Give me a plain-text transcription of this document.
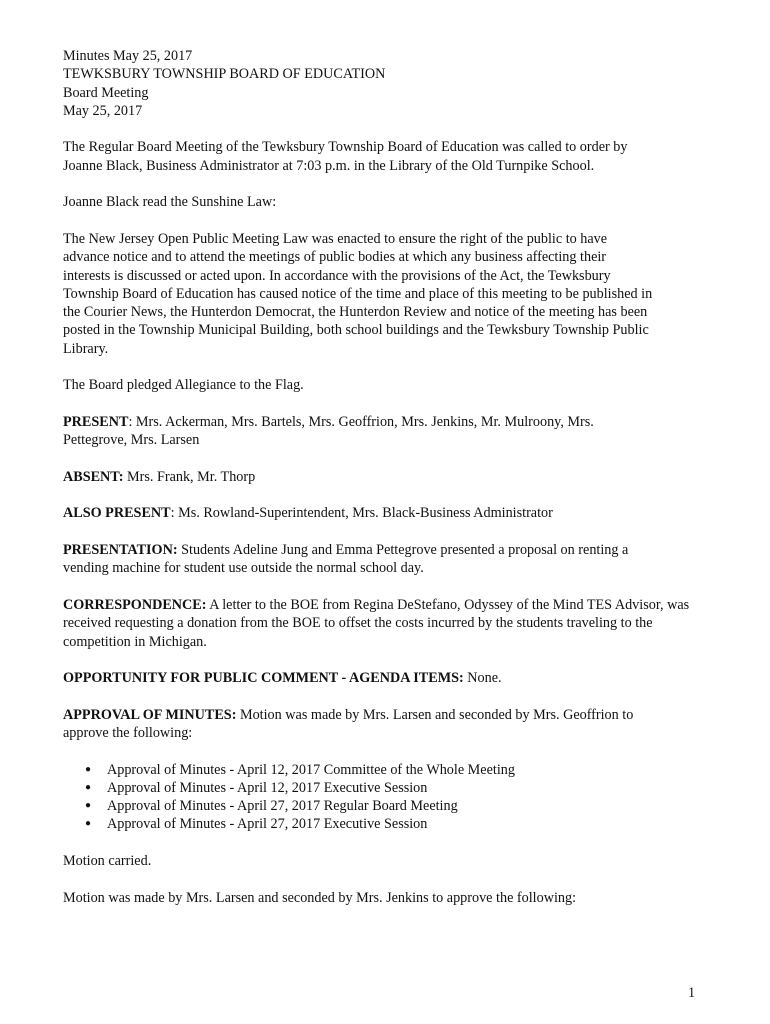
Minutes May 25, 2017
TEWKSBURY TOWNSHIP BOARD OF EDUCATION
Board Meeting
May 25, 2017
The Regular Board Meeting of the Tewksbury Township Board of Education was called to order by
Joanne Black, Business Administrator at 7:03 p.m. in the Library of the Old Turnpike School.
Joanne Black read the Sunshine Law:
The New Jersey Open Public Meeting Law was enacted to ensure the right of the public to have
advance notice and to attend the meetings of public bodies at which any business affecting their
interests is discussed or acted upon. In accordance with the provisions of the Act, the Tewksbury
Township Board of Education has caused notice of the time and place of this meeting to be published in
the Courier News, the Hunterdon Democrat, the Hunterdon Review and notice of the meeting has been
posted in the Township Municipal Building, both school buildings and the Tewksbury Township Public
Library.
The Board pledged Allegiance to the Flag.
PRESENT: Mrs. Ackerman, Mrs. Bartels, Mrs. Geoffrion, Mrs. Jenkins, Mr. Mulroony, Mrs.
Pettegrove, Mrs. Larsen
ABSENT: Mrs. Frank, Mr. Thorp
ALSO PRESENT: Ms. Rowland-Superintendent, Mrs. Black-Business Administrator
PRESENTATION: Students Adeline Jung and Emma Pettegrove presented a proposal on renting a
vending machine for student use outside the normal school day.
CORRESPONDENCE: A letter to the BOE from Regina DeStefano, Odyssey of the Mind TES Advisor, was
received requesting a donation from the BOE to offset the costs incurred by the students traveling to the
competition in Michigan.
OPPORTUNITY FOR PUBLIC COMMENT - AGENDA ITEMS: None.
APPROVAL OF MINUTES: Motion was made by Mrs. Larsen and seconded by Mrs. Geoffrion to
approve the following:
● Approval of Minutes - April 12, 2017 Committee of the Whole Meeting
● Approval of Minutes - April 12, 2017 Executive Session
● Approval of Minutes - April 27, 2017 Regular Board Meeting
● Approval of Minutes - April 27, 2017 Executive Session
Motion carried.
Motion was made by Mrs. Larsen and seconded by Mrs. Jenkins to approve the following:
1
